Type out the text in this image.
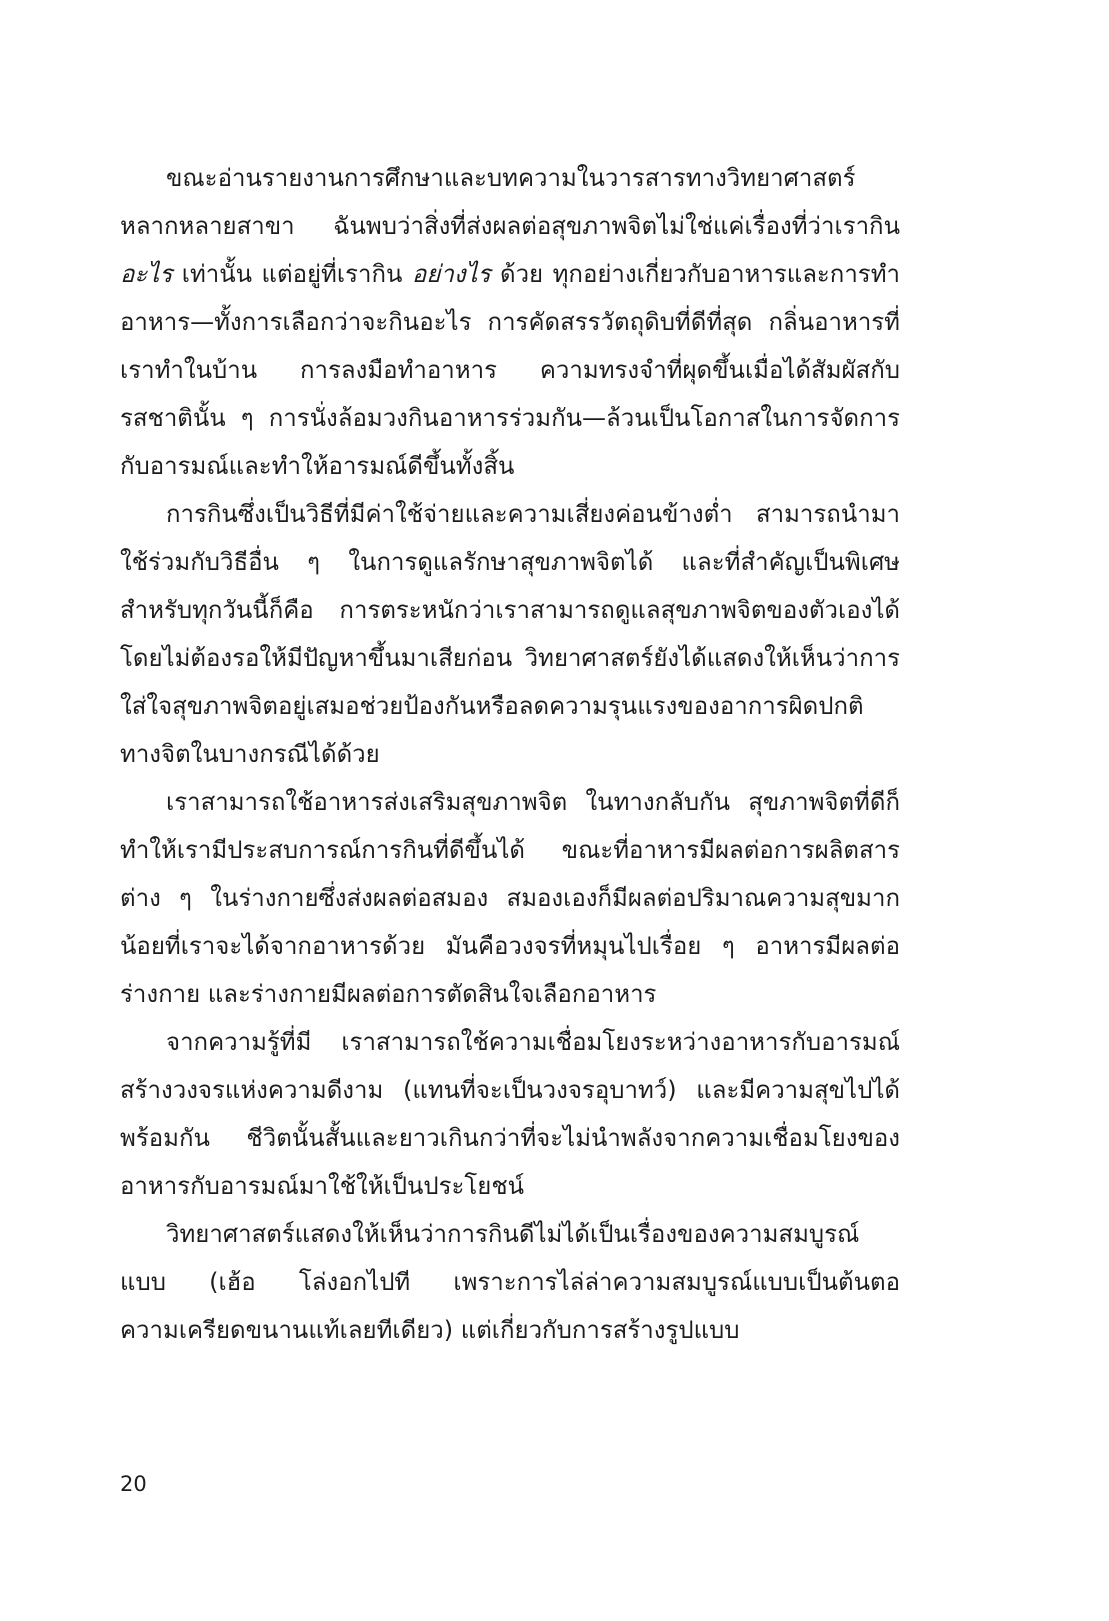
ขณะอ่านรายงานการศึกษาและบทความในวารสารทางวิทยาศาสตร์หลากหลายสาขา ฉันพบว่าสิ่งที่ส่งผลต่อสุขภาพจิตไม่ใช่แค่เรื่องที่ว่าเรากิน อะไร เท่านั้น แต่อยู่ที่เรากิน อย่างไร ด้วย ทุกอย่างเกี่ยวกับอาหารและการทำอาหาร—ทั้งการเลือกว่าจะกินอะไร การคัดสรรวัตถุดิบที่ดีที่สุด กลิ่นอาหารที่เราทำในบ้าน การลงมือทำอาหาร ความทรงจำที่ผุดขึ้นเมื่อได้สัมผัสกับรสชาตินั้น ๆ การนั่งล้อมวงกินอาหารร่วมกัน—ล้วนเป็นโอกาสในการจัดการกับอารมณ์และทำให้อารมณ์ดีขึ้นทั้งสิ้น

การกินซึ่งเป็นวิธีที่มีค่าใช้จ่ายและความเสี่ยงค่อนข้างต่ำ สามารถนำมาใช้ร่วมกับวิธีอื่น ๆ ในการดูแลรักษาสุขภาพจิตได้ และที่สำคัญเป็นพิเศษสำหรับทุกวันนี้ก็คือ การตระหนักว่าเราสามารถดูแลสุขภาพจิตของตัวเองได้โดยไม่ต้องรอให้มีปัญหาขึ้นมาเสียก่อน วิทยาศาสตร์ยังได้แสดงให้เห็นว่าการใส่ใจสุขภาพจิตอยู่เสมอช่วยป้องกันหรือลดความรุนแรงของอาการผิดปกติทางจิตในบางกรณีได้ด้วย

เราสามารถใช้อาหารส่งเสริมสุขภาพจิต ในทางกลับกัน สุขภาพจิตที่ดีก็ทำให้เรามีประสบการณ์การกินที่ดีขึ้นได้ ขณะที่อาหารมีผลต่อการผลิตสารต่าง ๆ ในร่างกายซึ่งส่งผลต่อสมอง สมองเองก็มีผลต่อปริมาณความสุขมากน้อยที่เราจะได้จากอาหารด้วย มันคือวงจรที่หมุนไปเรื่อย ๆ อาหารมีผลต่อร่างกาย และร่างกายมีผลต่อการตัดสินใจเลือกอาหาร

จากความรู้ที่มี เราสามารถใช้ความเชื่อมโยงระหว่างอาหารกับอารมณ์สร้างวงจรแห่งความดีงาม (แทนที่จะเป็นวงจรอุบาทว์) และมีความสุขไปได้พร้อมกัน ชีวิตนั้นสั้นและยาวเกินกว่าที่จะไม่นำพลังจากความเชื่อมโยงของอาหารกับอารมณ์มาใช้ให้เป็นประโยชน์

วิทยาศาสตร์แสดงให้เห็นว่าการกินดีไม่ได้เป็นเรื่องของความสมบูรณ์แบบ (เฮ้อ โล่งอกไปที เพราะการไล่ล่าความสมบูรณ์แบบเป็นต้นตอความเครียดขนานแท้เลยทีเดียว) แต่เกี่ยวกับการสร้างรูปแบบ

20
